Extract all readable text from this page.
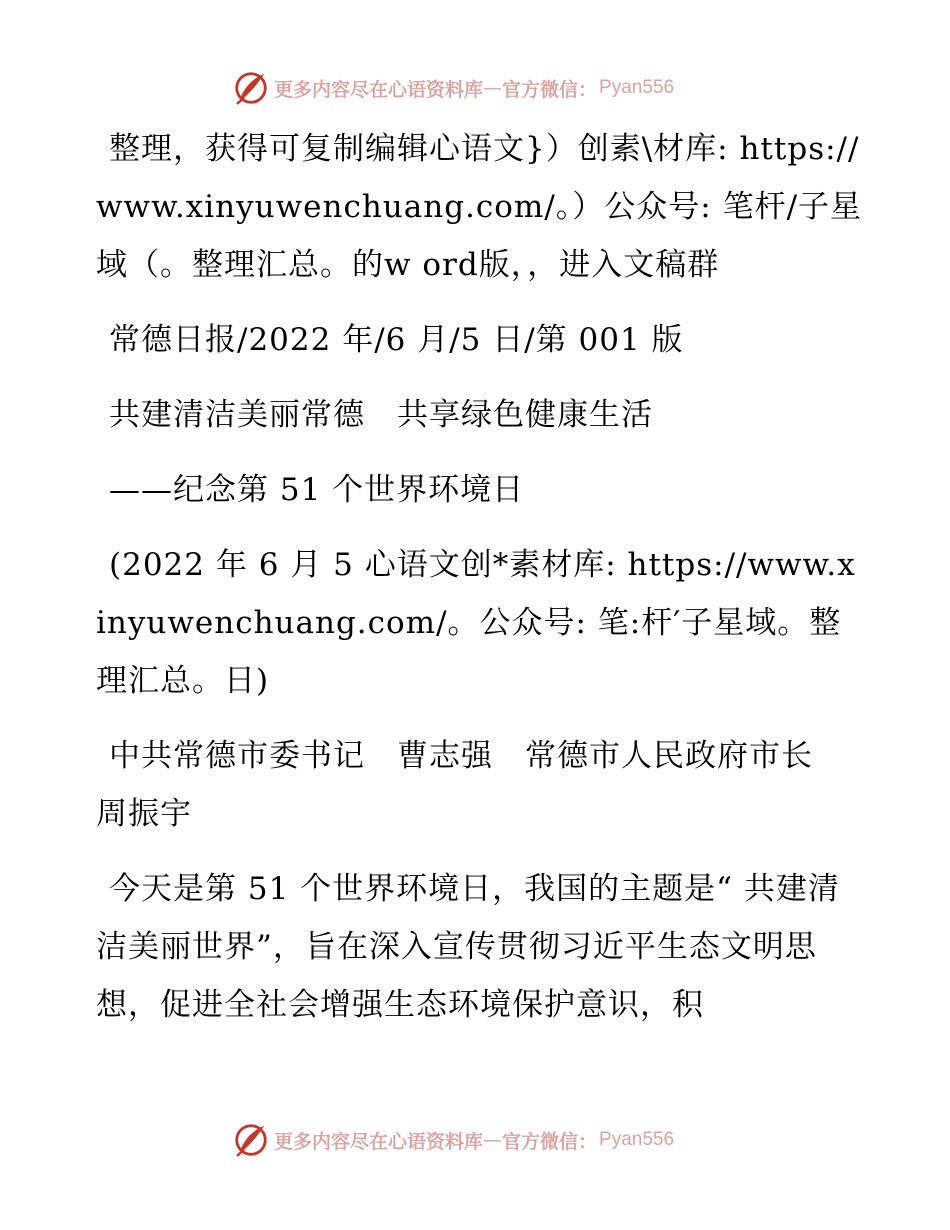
更多内容尽在心语资料库 — 官方微信： Pyan556

整理，获得可复制编辑心语文}）创素\材库: https://www.xinyuwenchuang.com/。）公众号: 笔杆/子星域（。整理汇总。的w ord版，，进入文稿群

常德日报/2022 年/6 月/5 日/第 001 版

共建清洁美丽常德　共享绿色健康生活

——纪念第 51 个世界环境日

(2022 年 6 月 5 心语文创*素材库: https://www.xinyuwenchuang.com/。公众号: 笔:杆′子星域。整理汇总。日)

中共常德市委书记　曹志强　常德市人民政府市长　周振宇

今天是第 51 个世界环境日，我国的主题是“ 共建清洁美丽世界”，旨在深入宣传贯彻习近平生态文明思想，促进全社会增强生态环境保护意识，积

更多内容尽在心语资料库 — 官方微信： Pyan556
